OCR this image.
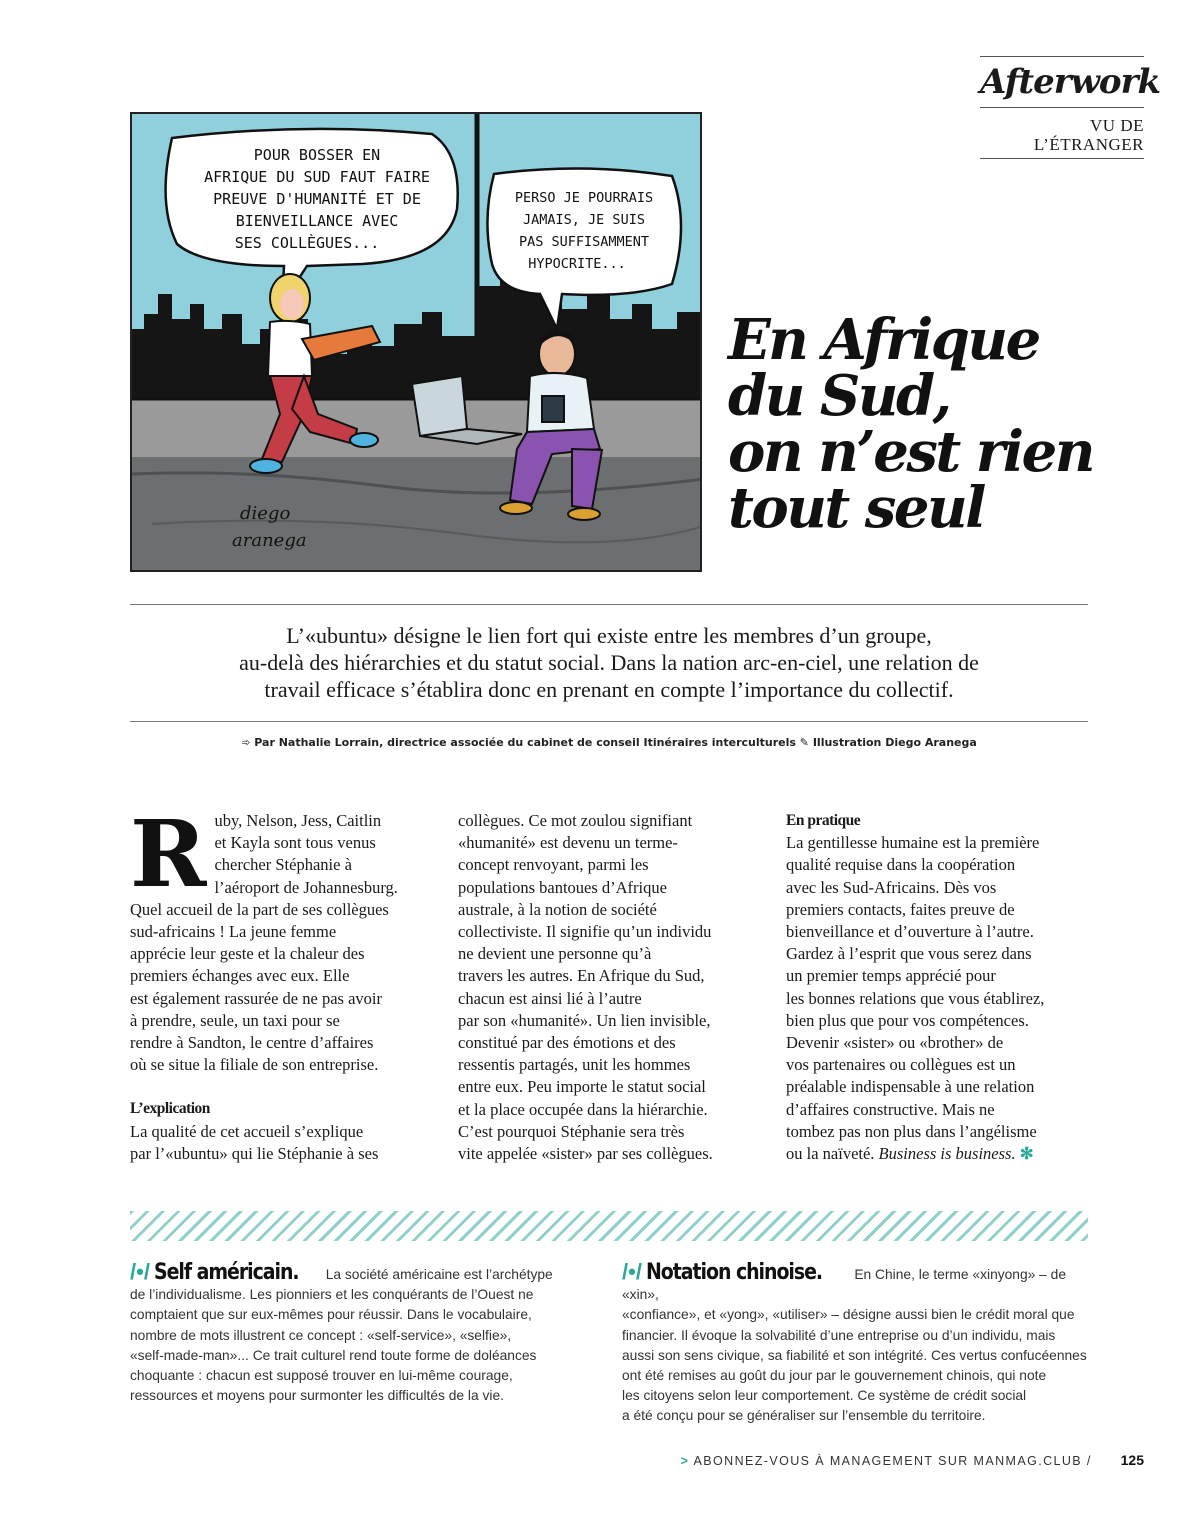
Afterwork
VU DE
L’ÉTRANGER
POUR BOSSER EN
AFRIQUE DU SUD FAUT FAIRE
PREUVE D'HUMANITÉ ET DE
BIENVEILLANCE AVEC
SES COLLÈGUES...
PERSO JE POURRAIS
JAMAIS, JE SUIS
PAS SUFFISAMMENT
HYPOCRITE...
diego
aranega
En Afrique
du Sud,
on n’est rien
tout seul
L’«ubuntu» désigne le lien fort qui existe entre les membres d’un groupe,
au-delà des hiérarchies et du statut social. Dans la nation arc-en-ciel, une relation de
travail efficace s’établira donc en prenant en compte l’importance du collectif.
➾ Par Nathalie Lorrain, directrice associée du cabinet de conseil Itinéraires interculturels ✎ Illustration Diego Aranega
R uby, Nelson, Jess, Caitlin
et Kayla sont tous venus
chercher Stéphanie à
l’aéroport de Johannesburg.
Quel accueil de la part de ses collègues
sud-africains ! La jeune femme
apprécie leur geste et la chaleur des
premiers échanges avec eux. Elle
est également rassurée de ne pas avoir
à prendre, seule, un taxi pour se
rendre à Sandton, le centre d’affaires
où se situe la filiale de son entreprise.
L’explication
La qualité de cet accueil s’explique
par l’«ubuntu» qui lie Stéphanie à ses
collègues. Ce mot zoulou signifiant
«humanité» est devenu un terme-
concept renvoyant, parmi les
populations bantoues d’Afrique
australe, à la notion de société
collectiviste. Il signifie qu’un individu
ne devient une personne qu’à
travers les autres. En Afrique du Sud,
chacun est ainsi lié à l’autre
par son «humanité». Un lien invisible,
constitué par des émotions et des
ressentis partagés, unit les hommes
entre eux. Peu importe le statut social
et la place occupée dans la hiérarchie.
C’est pourquoi Stéphanie sera très
vite appelée «sister» par ses collègues.
En pratique
La gentillesse humaine est la première
qualité requise dans la coopération
avec les Sud-Africains. Dès vos
premiers contacts, faites preuve de
bienveillance et d’ouverture à l’autre.
Gardez à l’esprit que vous serez dans
un premier temps apprécié pour
les bonnes relations que vous établirez,
bien plus que pour vos compétences.
Devenir «sister» ou «brother» de
vos partenaires ou collègues est un
préalable indispensable à une relation
d’affaires constructive. Mais ne
tombez pas non plus dans l’angélisme
ou la naïveté. Business is business. ✻
/•/ Self américain. La société américaine est l’archétype
de l’individualisme. Les pionniers et les conquérants de l’Ouest ne
comptaient que sur eux-mêmes pour réussir. Dans le vocabulaire,
nombre de mots illustrent ce concept : «self-service», «selfie»,
«self-made-man»... Ce trait culturel rend toute forme de doléances
choquante : chacun est supposé trouver en lui-même courage,
ressources et moyens pour surmonter les difficultés de la vie.
/•/ Notation chinoise. En Chine, le terme «xinyong» – de «xin»,
«confiance», et «yong», «utiliser» – désigne aussi bien le crédit moral que
financier. Il évoque la solvabilité d’une entreprise ou d’un individu, mais
aussi son sens civique, sa fiabilité et son intégrité. Ces vertus confucéennes
ont été remises au goût du jour par le gouvernement chinois, qui note
les citoyens selon leur comportement. Ce système de crédit social
a été conçu pour se généraliser sur l’ensemble du territoire.
> ABONNEZ-VOUS À MANAGEMENT SUR MANMAG.CLUB / 125
